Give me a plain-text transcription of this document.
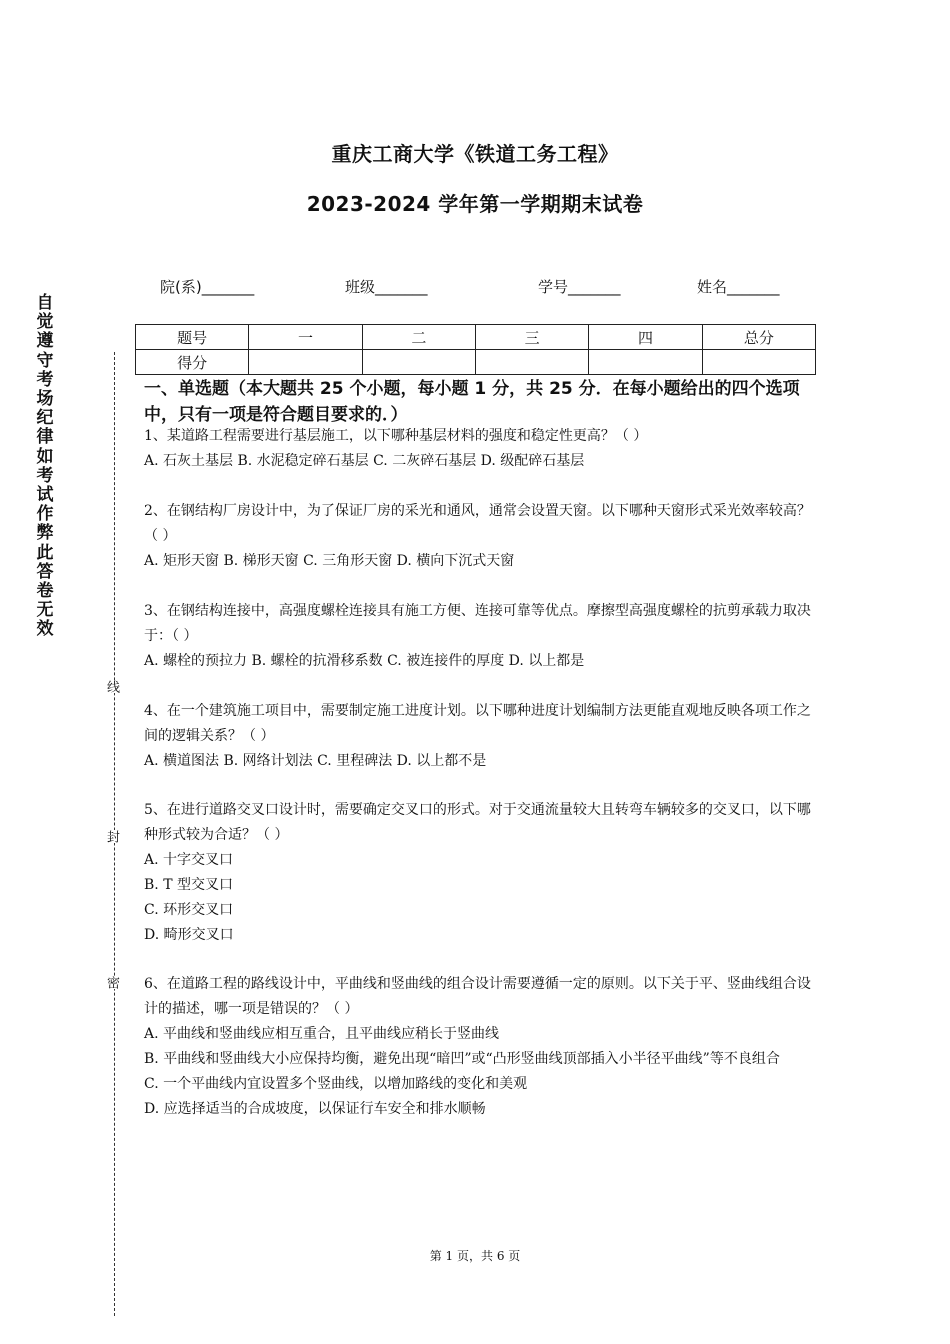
重庆工商大学《铁道工务工程》
2023-2024 学年第一学期期末试卷
院(系)_______	班级_______	学号_______	姓名_______
题号	一	二	三	四	总分
得分					
自觉遵守考场纪律如考试作弊此答卷无效
线
封
密
一、单选题（本大题共 25 个小题，每小题 1 分，共 25 分．在每小题给出的四个选项中，只有一项是符合题目要求的．）
1、某道路工程需要进行基层施工，以下哪种基层材料的强度和稳定性更高？（ ）
A. 石灰土基层 B. 水泥稳定碎石基层 C. 二灰碎石基层 D. 级配碎石基层
2、在钢结构厂房设计中，为了保证厂房的采光和通风，通常会设置天窗。以下哪种天窗形式采光效率较高？（ ）
A. 矩形天窗 B. 梯形天窗 C. 三角形天窗 D. 横向下沉式天窗
3、在钢结构连接中，高强度螺栓连接具有施工方便、连接可靠等优点。摩擦型高强度螺栓的抗剪承载力取决于：（ ）
A. 螺栓的预拉力 B. 螺栓的抗滑移系数 C. 被连接件的厚度 D. 以上都是
4、在一个建筑施工项目中，需要制定施工进度计划。以下哪种进度计划编制方法更能直观地反映各项工作之间的逻辑关系？（ ）
A. 横道图法 B. 网络计划法 C. 里程碑法 D. 以上都不是
5、在进行道路交叉口设计时，需要确定交叉口的形式。对于交通流量较大且转弯车辆较多的交叉口，以下哪种形式较为合适？（ ）
A. 十字交叉口
B. T 型交叉口
C. 环形交叉口
D. 畸形交叉口
6、在道路工程的路线设计中，平曲线和竖曲线的组合设计需要遵循一定的原则。以下关于平、竖曲线组合设计的描述，哪一项是错误的？（ ）
A. 平曲线和竖曲线应相互重合，且平曲线应稍长于竖曲线
B. 平曲线和竖曲线大小应保持均衡，避免出现“暗凹”或“凸形竖曲线顶部插入小半径平曲线”等不良组合
C. 一个平曲线内宜设置多个竖曲线，以增加路线的变化和美观
D. 应选择适当的合成坡度，以保证行车安全和排水顺畅
第 1 页，共 6 页
